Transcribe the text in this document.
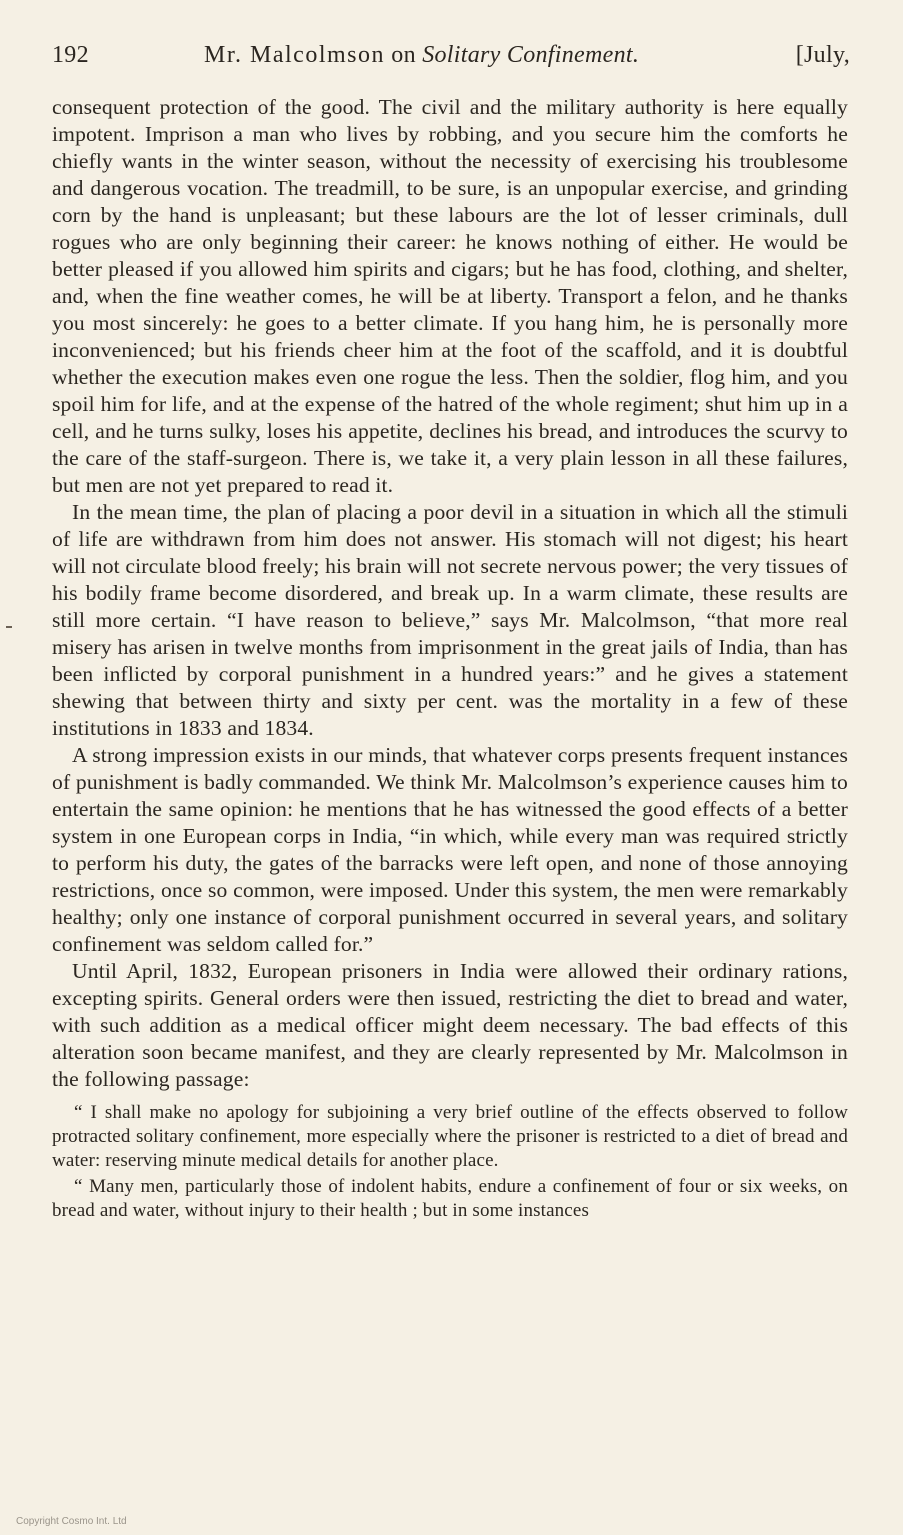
192	Mr. Malcolmson on Solitary Confinement.	[July,

consequent protection of the good. The civil and the military authority is here equally impotent. Imprison a man who lives by robbing, and you secure him the comforts he chiefly wants in the winter season, without the necessity of exercising his troublesome and dangerous vocation. The treadmill, to be sure, is an unpopular exercise, and grinding corn by the hand is unpleasant; but these labours are the lot of lesser criminals, dull rogues who are only beginning their career: he knows nothing of either. He would be better pleased if you allowed him spirits and cigars; but he has food, clothing, and shelter, and, when the fine weather comes, he will be at liberty. Transport a felon, and he thanks you most sincerely: he goes to a better climate. If you hang him, he is personally more inconvenienced; but his friends cheer him at the foot of the scaffold, and it is doubtful whether the execution makes even one rogue the less. Then the soldier, flog him, and you spoil him for life, and at the expense of the hatred of the whole regiment; shut him up in a cell, and he turns sulky, loses his appetite, declines his bread, and introduces the scurvy to the care of the staff-surgeon. There is, we take it, a very plain lesson in all these failures, but men are not yet prepared to read it.

In the mean time, the plan of placing a poor devil in a situation in which all the stimuli of life are withdrawn from him does not answer. His stomach will not digest; his heart will not circulate blood freely; his brain will not secrete nervous power; the very tissues of his bodily frame become disordered, and break up. In a warm climate, these results are still more certain. “I have reason to believe,” says Mr. Malcolmson, “that more real misery has arisen in twelve months from imprisonment in the great jails of India, than has been inflicted by corporal punishment in a hundred years:” and he gives a statement shewing that between thirty and sixty per cent. was the mortality in a few of these institutions in 1833 and 1834.

A strong impression exists in our minds, that whatever corps presents frequent instances of punishment is badly commanded. We think Mr. Malcolmson’s experience causes him to entertain the same opinion: he mentions that he has witnessed the good effects of a better system in one European corps in India, “in which, while every man was required strictly to perform his duty, the gates of the barracks were left open, and none of those annoying restrictions, once so common, were imposed. Under this system, the men were remarkably healthy; only one instance of corporal punishment occurred in several years, and solitary confinement was seldom called for.”

Until April, 1832, European prisoners in India were allowed their ordinary rations, excepting spirits. General orders were then issued, restricting the diet to bread and water, with such addition as a medical officer might deem necessary. The bad effects of this alteration soon became manifest, and they are clearly represented by Mr. Malcolmson in the following passage:

“ I shall make no apology for subjoining a very brief outline of the effects observed to follow protracted solitary confinement, more especially where the prisoner is restricted to a diet of bread and water: reserving minute medical details for another place.

“ Many men, particularly those of indolent habits, endure a confinement of four or six weeks, on bread and water, without injury to their health ; but in some instances

Copyright Cosmo Int. Ltd
